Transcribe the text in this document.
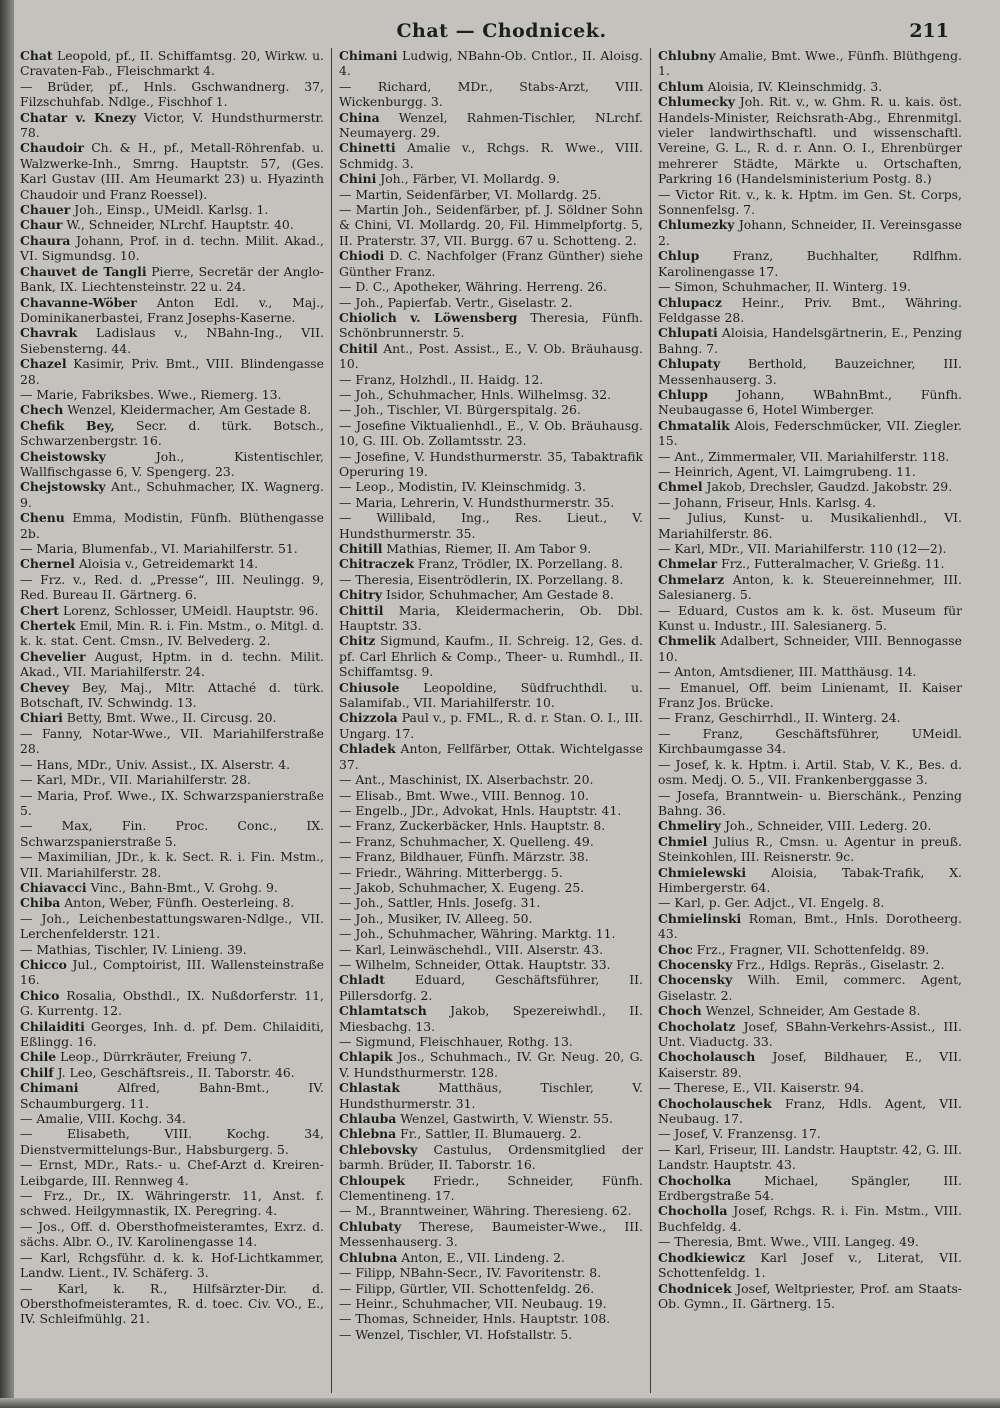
Chat — Chodnicek.	211

Chat Leopold, pf., II. Schiffamtsg. 20, Wirkw. u. Cravaten-Fab., Fleischmarkt 4.

— Brüder, pf., Hnls. Gschwandnerg. 37, Filzschuhfab. Ndlge., Fischhof 1.

Chatar v. Knezy Victor, V. Hundsthurmerstr. 78.

Chaudoir Ch. & H., pf., Metall-Röhrenfab. u. Walzwerke-Inh., Smrng. Hauptstr. 57, (Ges. Karl Gustav (III. Am Heumarkt 23) u. Hyazinth Chaudoir und Franz Roessel).

Chauer Joh., Einsp., UMeidl. Karlsg. 1.

Chaur W., Schneider, NLrchf. Hauptstr. 40.

Chaura Johann, Prof. in d. techn. Milit. Akad., VI. Sigmundsg. 10.

Chauvet de Tangli Pierre, Secretär der Anglo-Bank, IX. Liechtensteinstr. 22 u. 24.

Chavanne-Wöber Anton Edl. v., Maj., Dominikanerbastei, Franz Josephs-Kaserne.

Chavrak Ladislaus v., NBahn-Ing., VII. Siebensterng. 44.

Chazel Kasimir, Priv. Bmt., VIII. Blindengasse 28.

— Marie, Fabriksbes. Wwe., Riemerg. 13.

Chech Wenzel, Kleidermacher, Am Gestade 8.

Chefik Bey, Secr. d. türk. Botsch., Schwarzenbergstr. 16.

Cheistowsky	Joh., Kistentischler, Wallfischgasse 6, V. Spengerg. 23.

Chejstowsky Ant., Schuhmacher, IX. Wagnerg. 9.

Chenu Emma, Modistin, Fünfh. Blüthengasse 2b.

— Maria, Blumenfab., VI. Mariahilferstr. 51.

Chernel Aloisia v., Getreidemarkt 14.

— Frz. v., Red. d. „Presse“, III. Neulingg. 9, Red. Bureau II. Gärtnerg. 6.

Chert Lorenz, Schlosser, UMeidl. Hauptstr. 96.

Chertek Emil, Min. R. i. Fin. Mstm., o. Mitgl. d. k. k. stat. Cent. Cmsn., IV. Belvederg. 2.

Chevelier August, Hptm. in d. techn. Milit. Akad., VII. Mariahilferstr. 24.

Chevey Bey, Maj., Mltr. Attaché d. türk. Botschaft, IV. Schwindg. 13.

Chiari Betty, Bmt. Wwe., II. Circusg. 20.

— Fanny, Notar-Wwe., VII. Mariahilferstraße 28.

— Hans, MDr., Univ. Assist., IX. Alserstr. 4.

— Karl, MDr., VII. Mariahilferstr. 28.

— Maria, Prof. Wwe., IX. Schwarzspanierstraße 5.

— Max, Fin. Proc. Conc., IX. Schwarzspanierstraße 5.

— Maximilian, JDr., k. k. Sect. R. i. Fin. Mstm., VII. Mariahilferstr. 28.

Chiavacci Vinc., Bahn-Bmt., V. Grohg. 9.

Chiba Anton, Weber, Fünfh. Oesterleing. 8.

— Joh., Leichenbestattungswaren-Ndlge., VII. Lerchenfelderstr. 121.

— Mathias, Tischler, IV. Linieng. 39.

Chicco Jul., Comptoirist, III. Wallensteinstraße 16.

Chico Rosalia, Obsthdl., IX. Nußdorferstr. 11, G. Kurrentg. 12.

Chilaiditi Georges, Inh. d. pf. Dem. Chilaiditi, Eßlingg. 16.

Chile Leop., Dürrkräuter, Freiung 7.

Chilf J. Leo, Geschäftsreis., II. Taborstr. 46.

Chimani	Alfred, Bahn-Bmt., IV. Schaumburgerg. 11.

— Amalie, VIII. Kochg. 34.

— Elisabeth,	VIII. Kochg. 34, Dienstvermittelungs-Bur., Habsburgerg. 5.

— Ernst, MDr., Rats.- u. Chef-Arzt d. Kreiren-Leibgarde, III. Rennweg 4.

— Frz., Dr., IX. Währingerstr. 11, Anst. f. schwed. Heilgymnastik, IX. Peregring. 4.

— Jos., Off. d. Obersthofmeisteramtes, Exrz. d. sächs. Albr. O., IV. Karolinengasse 14.

— Karl, Rchgsführ. d. k. k. Hof-Lichtkammer, Landw. Lient., IV. Schäferg. 3.

— Karl, k. R., Hilfsärzter-Dir. d. Obersthofmeisteramtes, R. d. toec. Civ. VO., E., IV. Schleifmühlg. 21.

Chimani Ludwig, NBahn-Ob. Cntlor., II. Aloisg. 4.

— Richard, MDr., Stabs-Arzt, VIII. Wickenburgg. 3.

China Wenzel, Rahmen-Tischler, NLrchf. Neumayerg. 29.

Chinetti Amalie v., Rchgs. R. Wwe., VIII. Schmidg. 3.

Chini Joh., Färber, VI. Mollardg. 9.

— Martin, Seidenfärber, VI. Mollardg. 25.

— Martin Joh., Seidenfärber, pf. J. Söldner Sohn & Chini, VI. Mollardg. 20, Fil. Himmelpfortg. 5, II. Praterstr. 37, VII. Burgg. 67 u. Schotteng. 2.

Chiodi D. C. Nachfolger (Franz Günther) siehe Günther Franz.

— D. C., Apotheker, Währing. Herreng. 26.

— Joh., Papierfab. Vertr., Giselastr. 2.

Chiolich v. Löwensberg Theresia, Fünfh. Schönbrunnerstr. 5.

Chitil Ant., Post. Assist., E., V. Ob. Bräuhausg. 10.

— Franz, Holzhdl., II. Haidg. 12.

— Joh., Schuhmacher, Hnls. Wilhelmsg. 32.

— Joh., Tischler, VI. Bürgerspitalg. 26.

— Josefine Viktualienhdl., E., V. Ob. Bräuhausg. 10, G. III. Ob. Zollamtsstr. 23.

— Josefine, V. Hundsthurmerstr. 35, Tabaktrafik Operuring 19.

— Leop., Modistin, IV. Kleinschmidg. 3.

— Maria, Lehrerin, V. Hundsthurmerstr. 35.

— Willibald, Ing., Res. Lieut., V. Hundsthurmerstr. 35.

Chitill Mathias, Riemer, II. Am Tabor 9.

Chitraczek Franz, Trödler, IX. Porzellang. 8.

— Theresia, Eisentrödlerin, IX. Porzellang. 8.

Chitry Isidor, Schuhmacher, Am Gestade 8.

Chittil Maria, Kleidermacherin, Ob. Dbl. Hauptstr. 33.

Chitz Sigmund, Kaufm., II. Schreig. 12, Ges. d. pf. Carl Ehrlich & Comp., Theer- u. Rumhdl., II. Schiffamtsg. 9.

Chiusole Leopoldine, Südfruchthdl. u. Salamifab., VII. Mariahilferstr. 10.

Chizzola Paul v., p. FML., R. d. r. Stan. O. I., III. Ungarg. 17.

Chladek Anton, Fellfärber, Ottak. Wichtelgasse 37.

— Ant., Maschinist, IX. Alserbachstr. 20.

— Elisab., Bmt. Wwe., VIII. Bennog. 10.

— Engelb., JDr., Advokat, Hnls. Hauptstr. 41.

— Franz, Zuckerbäcker, Hnls. Hauptstr. 8.

— Franz, Schuhmacher, X. Quelleng. 49.

— Franz, Bildhauer, Fünfh. Märzstr. 38.

— Friedr., Währing. Mitterbergg. 5.

— Jakob, Schuhmacher, X. Eugeng. 25.

— Joh., Sattler, Hnls. Josefg. 31.

— Joh., Musiker, IV. Alleeg. 50.

— Joh., Schuhmacher, Währing. Marktg. 11.

— Karl, Leinwäschehdl., VIII. Alserstr. 43.

— Wilhelm, Schneider, Ottak. Hauptstr. 33.

Chladt Eduard, Geschäftsführer, II. Pillersdorfg. 2.

Chlamtatsch Jakob, Spezereiwhdl., II. Miesbachg. 13.

— Sigmund, Fleischhauer, Rothg. 13.

Chlapik Jos., Schuhmach., IV. Gr. Neug. 20, G. V. Hundsthurmerstr. 128.

Chlastak	Matthäus, Tischler, V. Hundsthurmerstr. 31.

Chlauba Wenzel, Gastwirth, V. Wienstr. 55.

Chlebna Fr., Sattler, II. Blumauerg. 2.

Chlebovsky Castulus, Ordensmitglied der barmh. Brüder, II. Taborstr. 16.

Chloupek Friedr., Schneider, Fünfh. Clementineng. 17.

— M., Branntweiner, Währing. Theresieng. 62.

Chlubaty Therese, Baumeister-Wwe., III. Messenhauserg. 3.

Chlubna Anton, E., VII. Lindeng. 2.

— Filipp, NBahn-Secr., IV. Favoritenstr. 8.

— Filipp, Gürtler, VII. Schottenfeldg. 26.

— Heinr., Schuhmacher, VII. Neubaug. 19.

— Thomas, Schneider, Hnls. Hauptstr. 108.

— Wenzel, Tischler, VI. Hofstallstr. 5.

Chlubny Amalie, Bmt. Wwe., Fünfh. Blüthgeng. 1.

Chlum Aloisia, IV. Kleinschmidg. 3.

Chlumecky Joh. Rit. v., w. Ghm. R. u. kais. öst. Handels-Minister, Reichsrath-Abg., Ehrenmitgl. vieler landwirthschaftl. und wissenschaftl. Vereine, G. L., R. d. r. Ann. O. I., Ehrenbürger mehrerer Städte, Märkte u. Ortschaften, Parkring 16 (Handelsministerium Postg. 8.)

— Victor Rit. v., k. k. Hptm. im Gen. St. Corps, Sonnenfelsg. 7.

Chlumezky Johann, Schneider, II. Vereinsgasse 2.

Chlup	Franz, Buchhalter, Rdlfhm. Karolinengasse 17.

— Simon, Schuhmacher, II. Winterg. 19.

Chlupacz Heinr., Priv. Bmt., Währing. Feldgasse 28.

Chlupati Aloisia, Handelsgärtnerin, E., Penzing Bahng. 7.

Chlupaty Berthold, Bauzeichner, III. Messenhauserg. 3.

Chlupp Johann, WBahnBmt., Fünfh. Neubaugasse 6, Hotel Wimberger.

Chmatalik Alois, Federschmücker, VII. Ziegler. 15.

— Ant., Zimmermaler, VII. Mariahilferstr. 118.

— Heinrich, Agent, VI. Laimgrubeng. 11.

Chmel Jakob, Drechsler, Gaudzd. Jakobstr. 29.

— Johann, Friseur, Hnls. Karlsg. 4.

— Julius, Kunst- u. Musikalienhdl., VI. Mariahilferstr. 86.

— Karl, MDr., VII. Mariahilferstr. 110 (12—2).

Chmelar Frz., Futteralmacher, V. Grießg. 11.

Chmelarz Anton, k. k. Steuereinnehmer, III. Salesianerg. 5.

— Eduard, Custos am k. k. öst. Museum für Kunst u. Industr., III. Salesianerg. 5.

Chmelik Adalbert, Schneider, VIII. Bennogasse 10.

— Anton, Amtsdiener, III. Matthäusg. 14.

— Emanuel, Off. beim Linienamt, II. Kaiser Franz Jos. Brücke.

— Franz, Geschirrhdl., II. Winterg. 24.

— Franz,	Geschäftsführer, UMeidl. Kirchbaumgasse 34.

— Josef, k. k. Hptm. i. Artil. Stab, V. K., Bes. d. osm. Medj. O. 5., VII. Frankenberggasse 3.

— Josefa, Branntwein- u. Bierschänk., Penzing Bahng. 36.

Chmeliry Joh., Schneider, VIII. Lederg. 20.

Chmiel Julius R., Cmsn. u. Agentur in preuß. Steinkohlen, III. Reisnerstr. 9c.

Chmielewski Aloisia, Tabak-Trafik, X. Himbergerstr. 64.

— Karl, p. Ger. Adjct., VI. Engelg. 8.

Chmielinski Roman, Bmt., Hnls. Dorotheerg. 43.

Choc Frz., Fragner, VII. Schottenfeldg. 89.

Chocensky Frz., Hdlgs. Repräs., Giselastr. 2.

Chocensky Wilh. Emil, commerc. Agent, Giselastr. 2.

Choch Wenzel, Schneider, Am Gestade 8.

Chocholatz Josef, SBahn-Verkehrs-Assist., III. Unt. Viaductg. 33.

Chocholausch Josef, Bildhauer, E., VII. Kaiserstr. 89.

— Therese, E., VII. Kaiserstr. 94.

Chocholauschek Franz, Hdls. Agent, VII. Neubaug. 17.

— Josef, V. Franzensg. 17.

— Karl, Friseur, III. Landstr. Hauptstr. 42, G. III. Landstr. Hauptstr. 43.

Chocholka	Michael, Spängler, III. Erdbergstraße 54.

Chocholla Josef, Rchgs. R. i. Fin. Mstm., VIII. Buchfeldg. 4.

— Theresia, Bmt. Wwe., VIII. Langeg. 49.

Chodkiewicz Karl Josef v., Literat, VII. Schottenfeldg. 1.

Chodnicek Josef, Weltpriester, Prof. am Staats-Ob. Gymn., II. Gärtnerg. 15.
